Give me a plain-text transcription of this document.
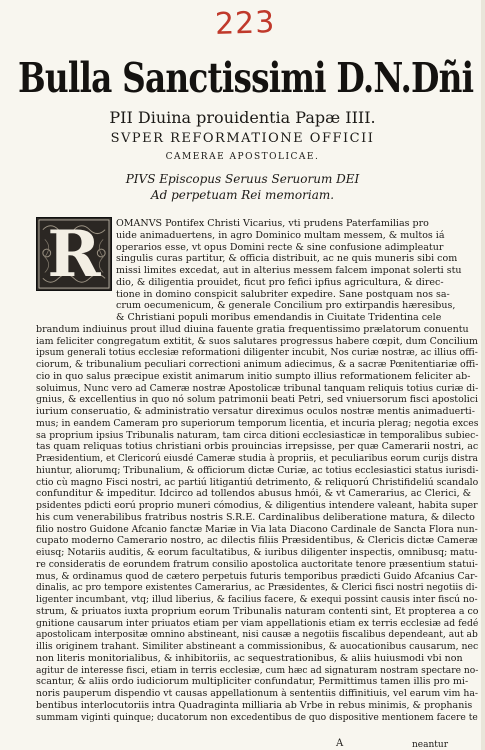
223
Bulla Sanctissimi D.N.Dñi
PII Diuina prouidentia Papæ IIII.
SVPER REFORMATIONE OFFICII
CAMERAE APOSTOLICAE.
PIVS Episcopus Seruus Seruorum DEI
Ad perpetuam Rei memoriam.
R	OMANVS Pontifex Christi Vicarius, vti prudens Paterfamilias pro
uide animaduertens, in agro Dominico multam messem, & multos iá
operarios esse, vt opus Domini recte & sine confusione adimpleatur
singulis curas partitur, & officia distribuit, ac ne quis muneris sibi com
missi limites excedat, aut in alterius messem falcem imponat solerti stu
dio, & diligentia prouidet, ficut pro fefici ipfius agriculturа, & direc-
tione in domino conspicit salubriter expedire. Sane postquam nos sa-
crum oecumenicum, & generale Concilium pro extirpandis hæresibus,
& Christiani populi moribus emendandis in Ciuitate Tridentina cele
brandum indiuinus prout illud diuina fauente gratia frequentissimo prælatorum conuentu
iam feliciter congregatum extitit, & suos salutares progressus habere cœpit, dum Concilium
ipsum generali totius ecclesiæ reformationi diligenter incubit, Nos curiæ nostræ, ac illius offi-
ciorum, & tribunalium peculiari correctioni animum adiecimus, & a sacræ Pœnitentiariæ offi-
cio in quo salus præcipue existit animarum initio sumpto illius reformationem feliciter ab-
soluimus, Nunc vero ad Cameræ nostræ Apostolicæ tribunal tanquam reliquis totius curiæ di-
gnius, & excellentius in quo nó solum patrimonii beati Petri, sed vniuersorum fisci apostolici
iurium conseruatio, & administratio versatur direximus oculos nostræ mentis animaduerti-
mus; in eandem Cameram pro superiorum temporum licentia, et incuria plerag; negotia exces
sa proprium ipsius Tribunalis naturam, tam circa ditioni ecclesiasticæ in temporalibus subiec-
tas quam reliquas totius christiani orbis prouincias irrepsisse, per quæ Camerarii nostri, ac
Præsidentium, et Clericorú eiusdé Cameræ studia à propriis, et peculiaribus eorum curijs distra
hiuntur, aliorumq; Tribunalium, & officiorum dictæ Curiæ, ac totius ecclesiastici status iurisdi-
ctio cù magno Fisci nostri, ac partiú litigantiú detrimento, & reliquorú Christifideliú scandalo
confunditur & impeditur. Idcirco ad tollendos abusus hmói, & vt Camerarius, ac Clerici, &
psidentes pdicti eorú proprio muneri cómodius, & diligentius intendere valeant, habita super
his cum venerabilibus fratribus nostris S.R.E. Cardinalibus deliberatione matura, & dilecto
filio nostro Guidone Afcanio fanctæ Mariæ in Via lata Diacono Cardinale de Sancta Flora nun-
cupato moderno Camerario nostro, ac dilectis filiis Præsidentibus, & Clericis dictæ Cameræ
eiusq; Notariis auditis, & eorum facultatibus, & iuribus diligenter inspectis, omnibusq; matu-
re consideratis de eorundem fratrum consilio apostolica auctoritate tenore præsentium statui-
mus, & ordinamus quod de cætero perpetuis futuris temporibus prædicti Guido Afcanius Car-
dinalis, ac pro tempore existentes Camerarius, ac Præsidentes, & Clerici fisci nostri negotiis di-
ligenter incumbant, vtq; illud liberius, & facilius facere, & exequi possint causis inter fiscú no-
strum, & priuatos iuxta proprium eorum Tribunalis naturam contenti sint, Et propterea a co
gnitione causarum inter priuatos etiam per viam appellationis etiam ex terris ecclesiæ ad fedé
apostolicam interpositæ omnino abstineant, nisi causæ a negotiis fiscalibus dependeant, aut ab
illis originem trahant. Similiter abstineant a commissionibus, & auocationibus causarum, nec
non literis monitorialibus, & inhibitoriis, ac sequestrationibus, & aliis huiusmodi vbi non
agitur de interesse fisci, etiam in terris ecclesiæ, cum hæc ad signaturam nostram spectare no-
scantur, & aliis ordo iudiciorum multipliciter confundatur, Permittimus tamen illis pro mi-
noris pauperum dispendio vt causas appellationum à sententiis diffinitiuis, vel earum vim ha-
bentibus interlocutoriis intra Quadraginta milliaria ab Vrbe in rebus minimis, & prophanis
summam viginti quinque; ducatorum non excedentibus de quo dispositive mentionem facere te
A	neantur
